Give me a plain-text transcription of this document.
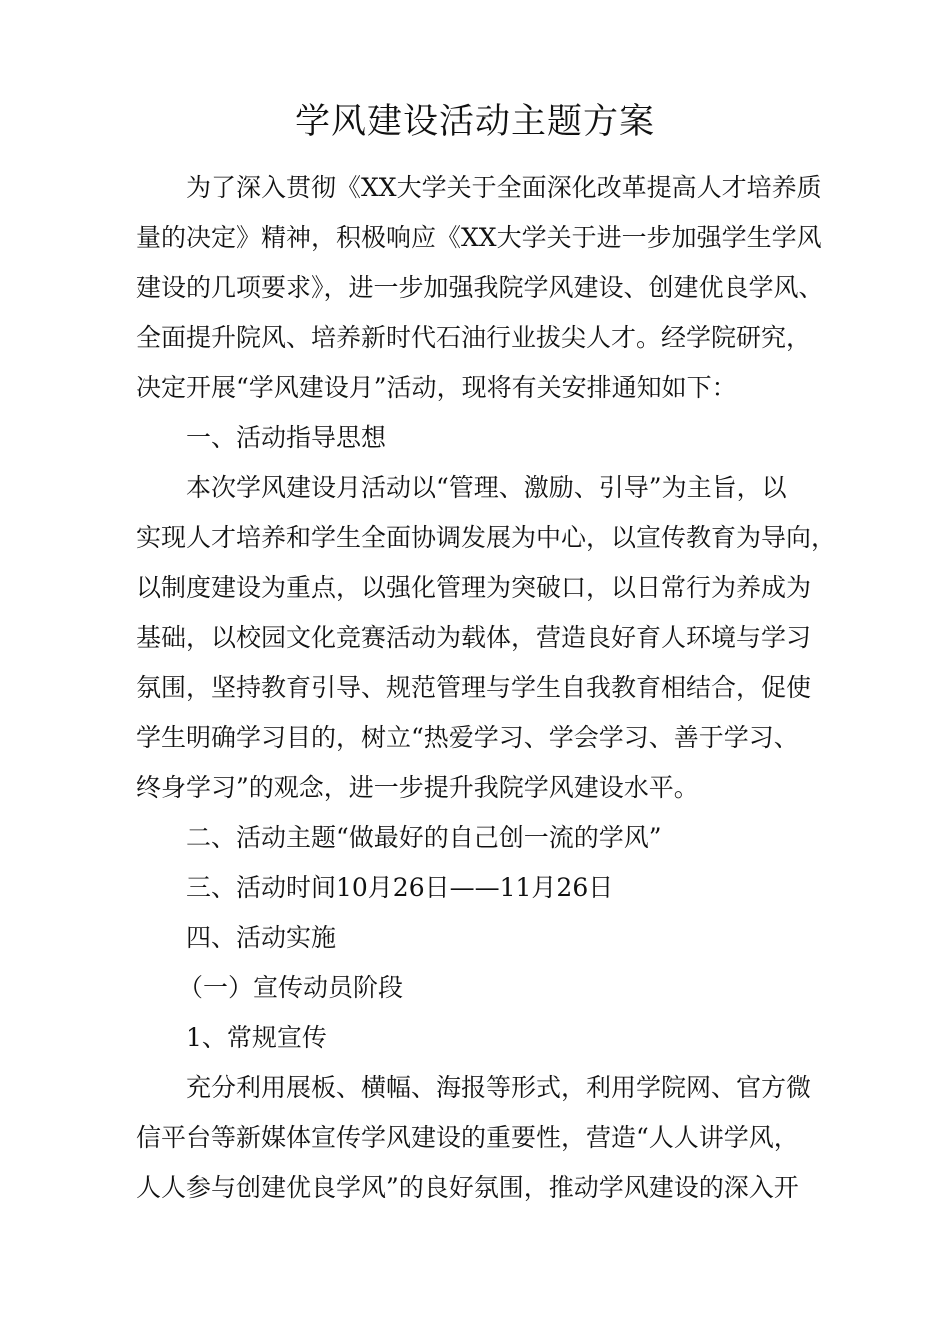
学风建设活动主题方案

为了深入贯彻《XX大学关于全面深化改革提高人才培养质

量的决定》精神，积极响应《XX大学关于进一步加强学生学风

建设的几项要求》，进一步加强我院学风建设、创建优良学风、

全面提升院风、培养新时代石油行业拔尖人才。经学院研究，

决定开展“学风建设月”活动，现将有关安排通知如下：

一、活动指导思想

本次学风建设月活动以“管理、激励、引导”为主旨，以

实现人才培养和学生全面协调发展为中心，以宣传教育为导向，

以制度建设为重点，以强化管理为突破口，以日常行为养成为

基础，以校园文化竞赛活动为载体，营造良好育人环境与学习

氛围，坚持教育引导、规范管理与学生自我教育相结合，促使

学生明确学习目的，树立“热爱学习、学会学习、善于学习、

终身学习”的观念，进一步提升我院学风建设水平。

二、活动主题“做最好的自己创一流的学风”

三、活动时间10月26日——11月26日

四、活动实施

（一）宣传动员阶段

1、常规宣传

充分利用展板、横幅、海报等形式，利用学院网、官方微

信平台等新媒体宣传学风建设的重要性，营造“人人讲学风，

人人参与创建优良学风”的良好氛围，推动学风建设的深入开
